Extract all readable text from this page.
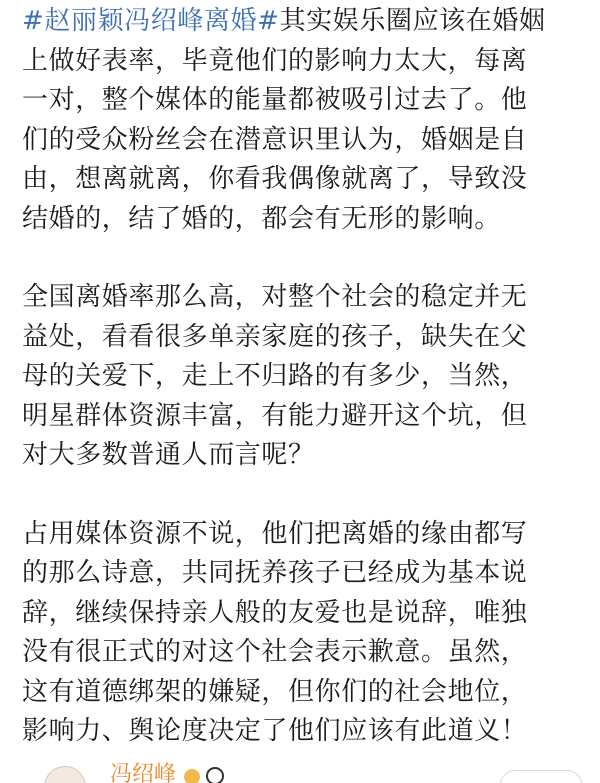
#赵丽颖冯绍峰离婚#其实娱乐圈应该在婚姻
上做好表率，毕竟他们的影响力太大，每离
一对，整个媒体的能量都被吸引过去了。他
们的受众粉丝会在潜意识里认为，婚姻是自
由，想离就离，你看我偶像就离了，导致没
结婚的，结了婚的，都会有无形的影响。

全国离婚率那么高，对整个社会的稳定并无
益处，看看很多单亲家庭的孩子，缺失在父
母的关爱下，走上不归路的有多少，当然，
明星群体资源丰富，有能力避开这个坑，但
对大多数普通人而言呢？

占用媒体资源不说，他们把离婚的缘由都写
的那么诗意，共同抚养孩子已经成为基本说
辞，继续保持亲人般的友爱也是说辞，唯独
没有很正式的对这个社会表示歉意。虽然，
这有道德绑架的嫌疑，但你们的社会地位，
影响力、舆论度决定了他们应该有此道义！

冯绍峰
